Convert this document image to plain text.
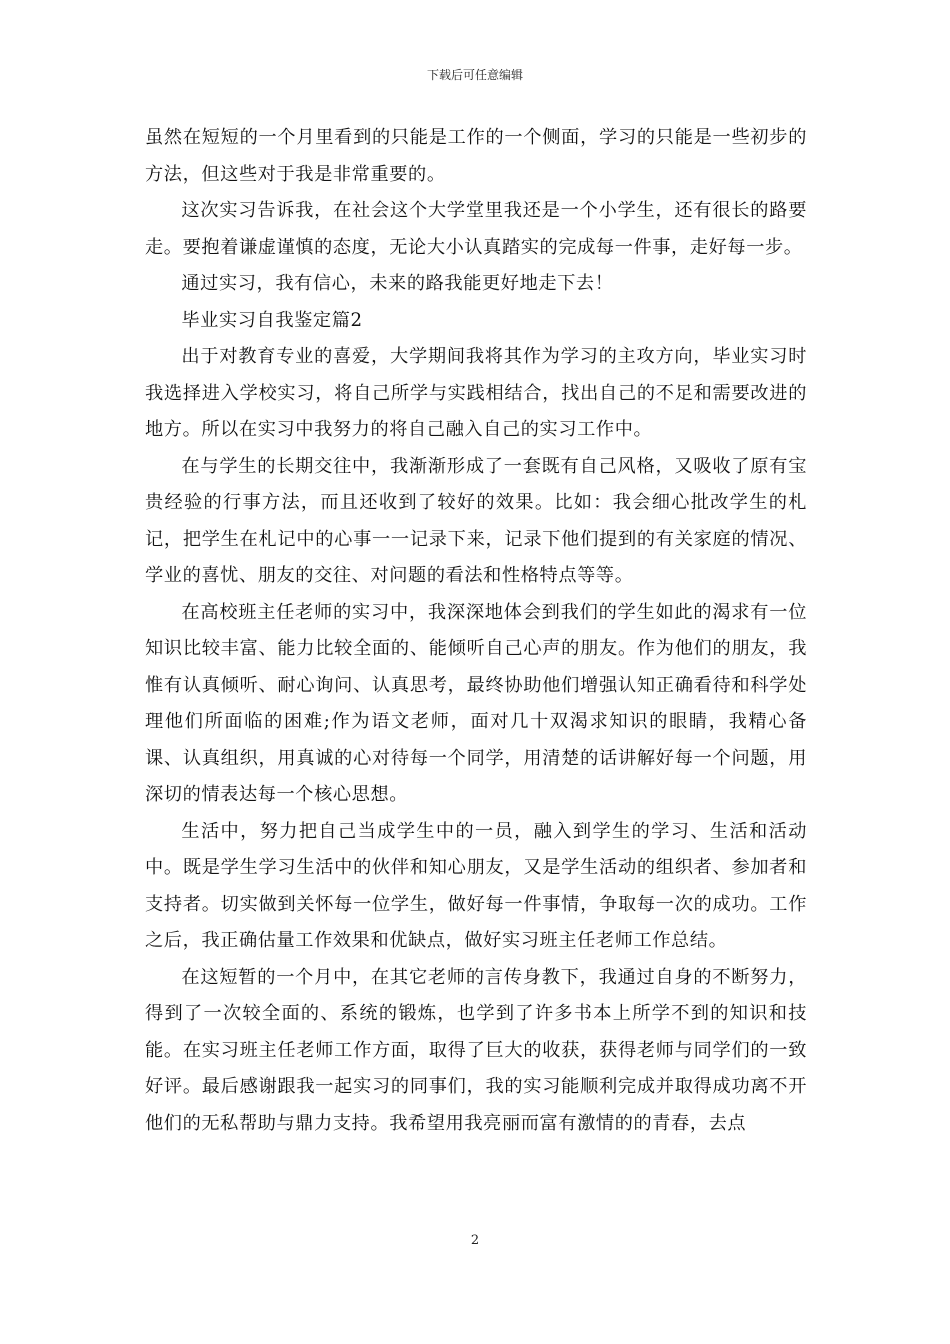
下载后可任意编辑

虽然在短短的一个月里看到的只能是工作的一个侧面，学习的只能是一些初步的方法，但这些对于我是非常重要的。

这次实习告诉我，在社会这个大学堂里我还是一个小学生，还有很长的路要走。要抱着谦虚谨慎的态度，无论大小认真踏实的完成每一件事，走好每一步。

通过实习，我有信心，未来的路我能更好地走下去！

毕业实习自我鉴定篇2

出于对教育专业的喜爱，大学期间我将其作为学习的主攻方向，毕业实习时我选择进入学校实习，将自己所学与实践相结合，找出自己的不足和需要改进的地方。所以在实习中我努力的将自己融入自己的实习工作中。

在与学生的长期交往中，我渐渐形成了一套既有自己风格，又吸收了原有宝贵经验的行事方法，而且还收到了较好的效果。比如：我会细心批改学生的札记，把学生在札记中的心事一一记录下来，记录下他们提到的有关家庭的情况、学业的喜忧、朋友的交往、对问题的看法和性格特点等等。

在高校班主任老师的实习中，我深深地体会到我们的学生如此的渴求有一位知识比较丰富、能力比较全面的、能倾听自己心声的朋友。作为他们的朋友，我惟有认真倾听、耐心询问、认真思考，最终协助他们增强认知正确看待和科学处理他们所面临的困难;作为语文老师，面对几十双渴求知识的眼睛，我精心备课、认真组织，用真诚的心对待每一个同学，用清楚的话讲解好每一个问题，用深切的情表达每一个核心思想。

生活中，努力把自己当成学生中的一员，融入到学生的学习、生活和活动中。既是学生学习生活中的伙伴和知心朋友，又是学生活动的组织者、参加者和支持者。切实做到关怀每一位学生，做好每一件事情，争取每一次的成功。工作之后，我正确估量工作效果和优缺点，做好实习班主任老师工作总结。

在这短暂的一个月中，在其它老师的言传身教下，我通过自身的不断努力，得到了一次较全面的、系统的锻炼，也学到了许多书本上所学不到的知识和技能。在实习班主任老师工作方面，取得了巨大的收获，获得老师与同学们的一致好评。最后感谢跟我一起实习的同事们，我的实习能顺利完成并取得成功离不开他们的无私帮助与鼎力支持。我希望用我亮丽而富有激情的的青春，去点

2
